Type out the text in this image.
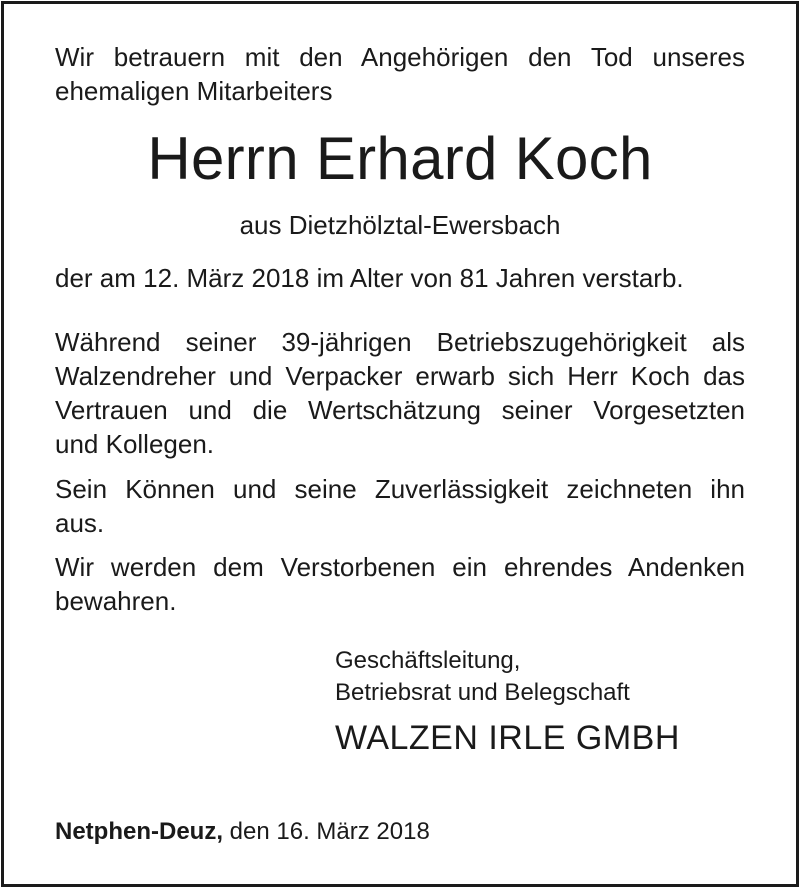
Wir betrauern mit den Angehörigen den Tod unseres
ehemaligen Mitarbeiters
Herrn Erhard Koch
aus Dietzhölztal-Ewersbach
der am 12. März 2018 im Alter von 81 Jahren verstarb.
Während seiner 39-jährigen Betriebszugehörigkeit als
Walzendreher und Verpacker erwarb sich Herr Koch das
Vertrauen und die Wertschätzung seiner Vorgesetzten
und Kollegen.
Sein Können und seine Zuverlässigkeit zeichneten ihn
aus.
Wir werden dem Verstorbenen ein ehrendes Andenken
bewahren.
Geschäftsleitung,
Betriebsrat und Belegschaft
WALZEN IRLE GMBH
Netphen-Deuz, den 16. März 2018
